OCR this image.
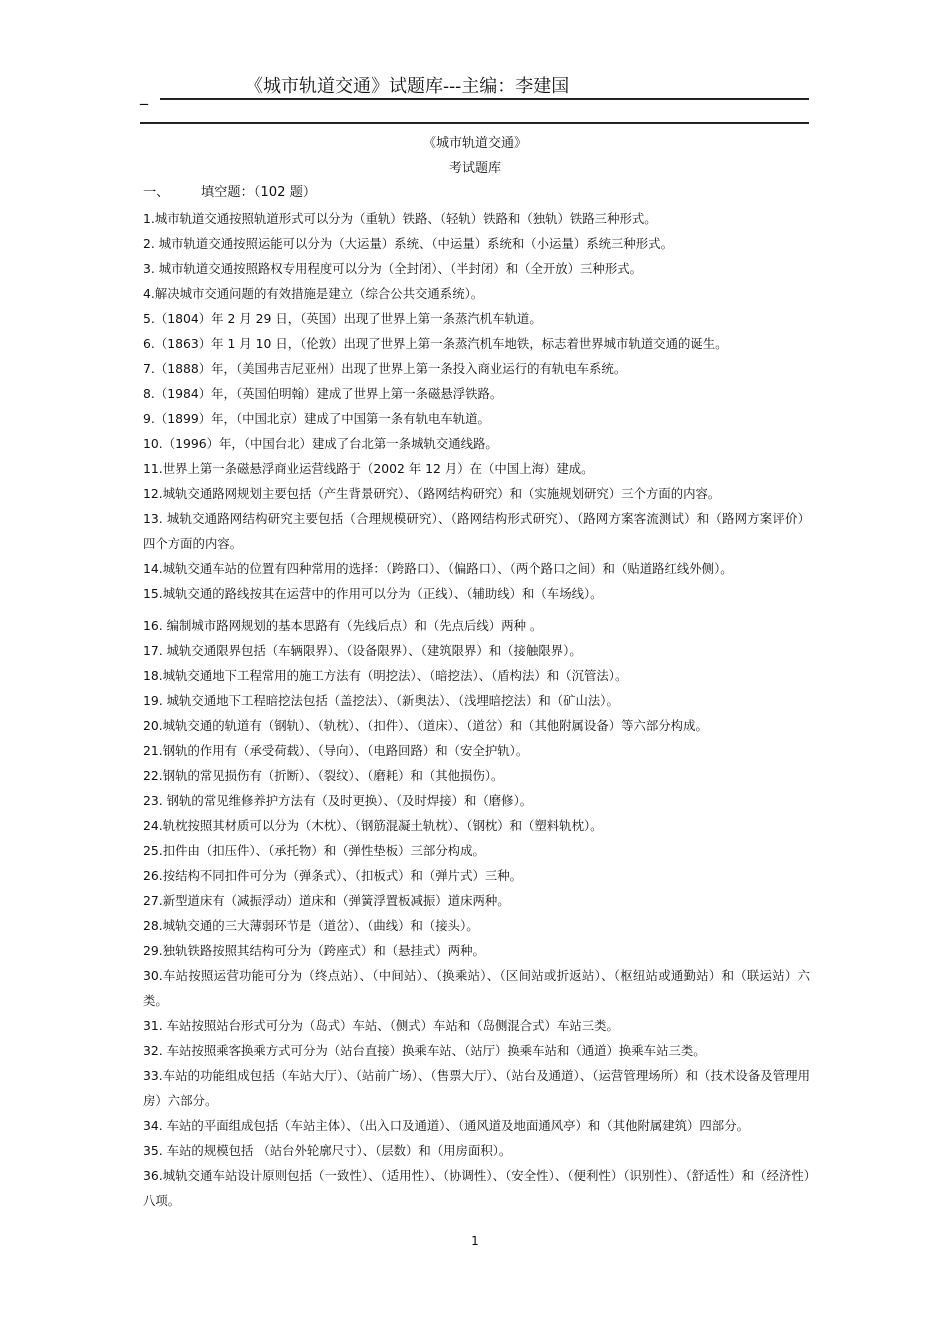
_	《城市轨道交通》试题库---主编：李建国
《城市轨道交通》
考试题库
一、 填空题：（102 题）

1.城市轨道交通按照轨道形式可以分为（重轨）铁路、（轻轨）铁路和（独轨）铁路三种形式。

2. 城市轨道交通按照运能可以分为（大运量）系统、（中运量）系统和（小运量）系统三种形式。

3. 城市轨道交通按照路权专用程度可以分为（全封闭）、（半封闭）和（全开放）三种形式。

4.解决城市交通问题的有效措施是建立（综合公共交通系统）。

5.（1804）年 2 月 29 日，（英国）出现了世界上第一条蒸汽机车轨道。

6.（1863）年 1 月 10 日，（伦敦）出现了世界上第一条蒸汽机车地铁，标志着世界城市轨道交通的诞生。

7.（1888）年，（美国弗吉尼亚州）出现了世界上第一条投入商业运行的有轨电车系统。

8.（1984）年，（英国伯明翰）建成了世界上第一条磁悬浮铁路。

9.（1899）年，（中国北京）建成了中国第一条有轨电车轨道。

10.（1996）年，（中国台北）建成了台北第一条城轨交通线路。

11.世界上第一条磁悬浮商业运营线路于（2002 年 12 月）在（中国上海）建成。

12.城轨交通路网规划主要包括（产生背景研究）、（路网结构研究）和（实施规划研究）三个方面的内容。

13. 城轨交通路网结构研究主要包括（合理规模研究）、（路网结构形式研究）、（路网方案客流测试）和（路网方案评价）四个方面的内容。

14.城轨交通车站的位置有四种常用的选择：（跨路口）、（偏路口）、（两个路口之间）和（贴道路红线外侧）。

15.城轨交通的路线按其在运营中的作用可以分为（正线）、（辅助线）和（车场线）。

16. 编制城市路网规划的基本思路有（先线后点）和（先点后线）两种 。

17. 城轨交通限界包括（车辆限界）、（设备限界）、（建筑限界）和（接触限界）。

18.城轨交通地下工程常用的施工方法有（明挖法）、（暗挖法）、（盾构法）和（沉管法）。

19. 城轨交通地下工程暗挖法包括（盖挖法）、（新奥法）、（浅埋暗挖法）和（矿山法）。

20.城轨交通的轨道有（钢轨）、（轨枕）、（扣件）、（道床）、（道岔）和（其他附属设备）等六部分构成。

21.钢轨的作用有（承受荷载）、（导向）、（电路回路）和（安全护轨）。

22.钢轨的常见损伤有（折断）、（裂纹）、（磨耗）和（其他损伤）。

23. 钢轨的常见维修养护方法有（及时更换）、（及时焊接）和（磨修）。

24.轨枕按照其材质可以分为（木枕）、（钢筋混凝土轨枕）、（钢枕）和（塑料轨枕）。

25.扣件由（扣压件）、（承托物）和（弹性垫板）三部分构成。

26.按结构不同扣件可分为（弹条式）、（扣板式）和（弹片式）三种。

27.新型道床有（减振浮动）道床和（弹簧浮置板减振）道床两种。

28.城轨交通的三大薄弱环节是（道岔）、（曲线）和（接头）。

29.独轨铁路按照其结构可分为（跨座式）和（悬挂式）两种。

30.车站按照运营功能可分为（终点站）、（中间站）、（换乘站）、（区间站或折返站）、（枢纽站或通勤站）和（联运站）六类。

31. 车站按照站台形式可分为（岛式）车站、（侧式）车站和（岛侧混合式）车站三类。

32. 车站按照乘客换乘方式可分为（站台直接）换乘车站、（站厅）换乘车站和（通道）换乘车站三类。

33.车站的功能组成包括（车站大厅）、（站前广场）、（售票大厅）、（站台及通道）、（运营管理场所）和（技术设备及管理用房）六部分。

34. 车站的平面组成包括（车站主体）、（出入口及通道）、（通风道及地面通风亭）和（其他附属建筑）四部分。

35. 车站的规模包括 （站台外轮廓尺寸）、（层数）和（用房面积）。

36.城轨交通车站设计原则包括（一致性）、（适用性）、（协调性）、（安全性）、（便利性）（识别性）、（舒适性）和（经济性）八项。

1
